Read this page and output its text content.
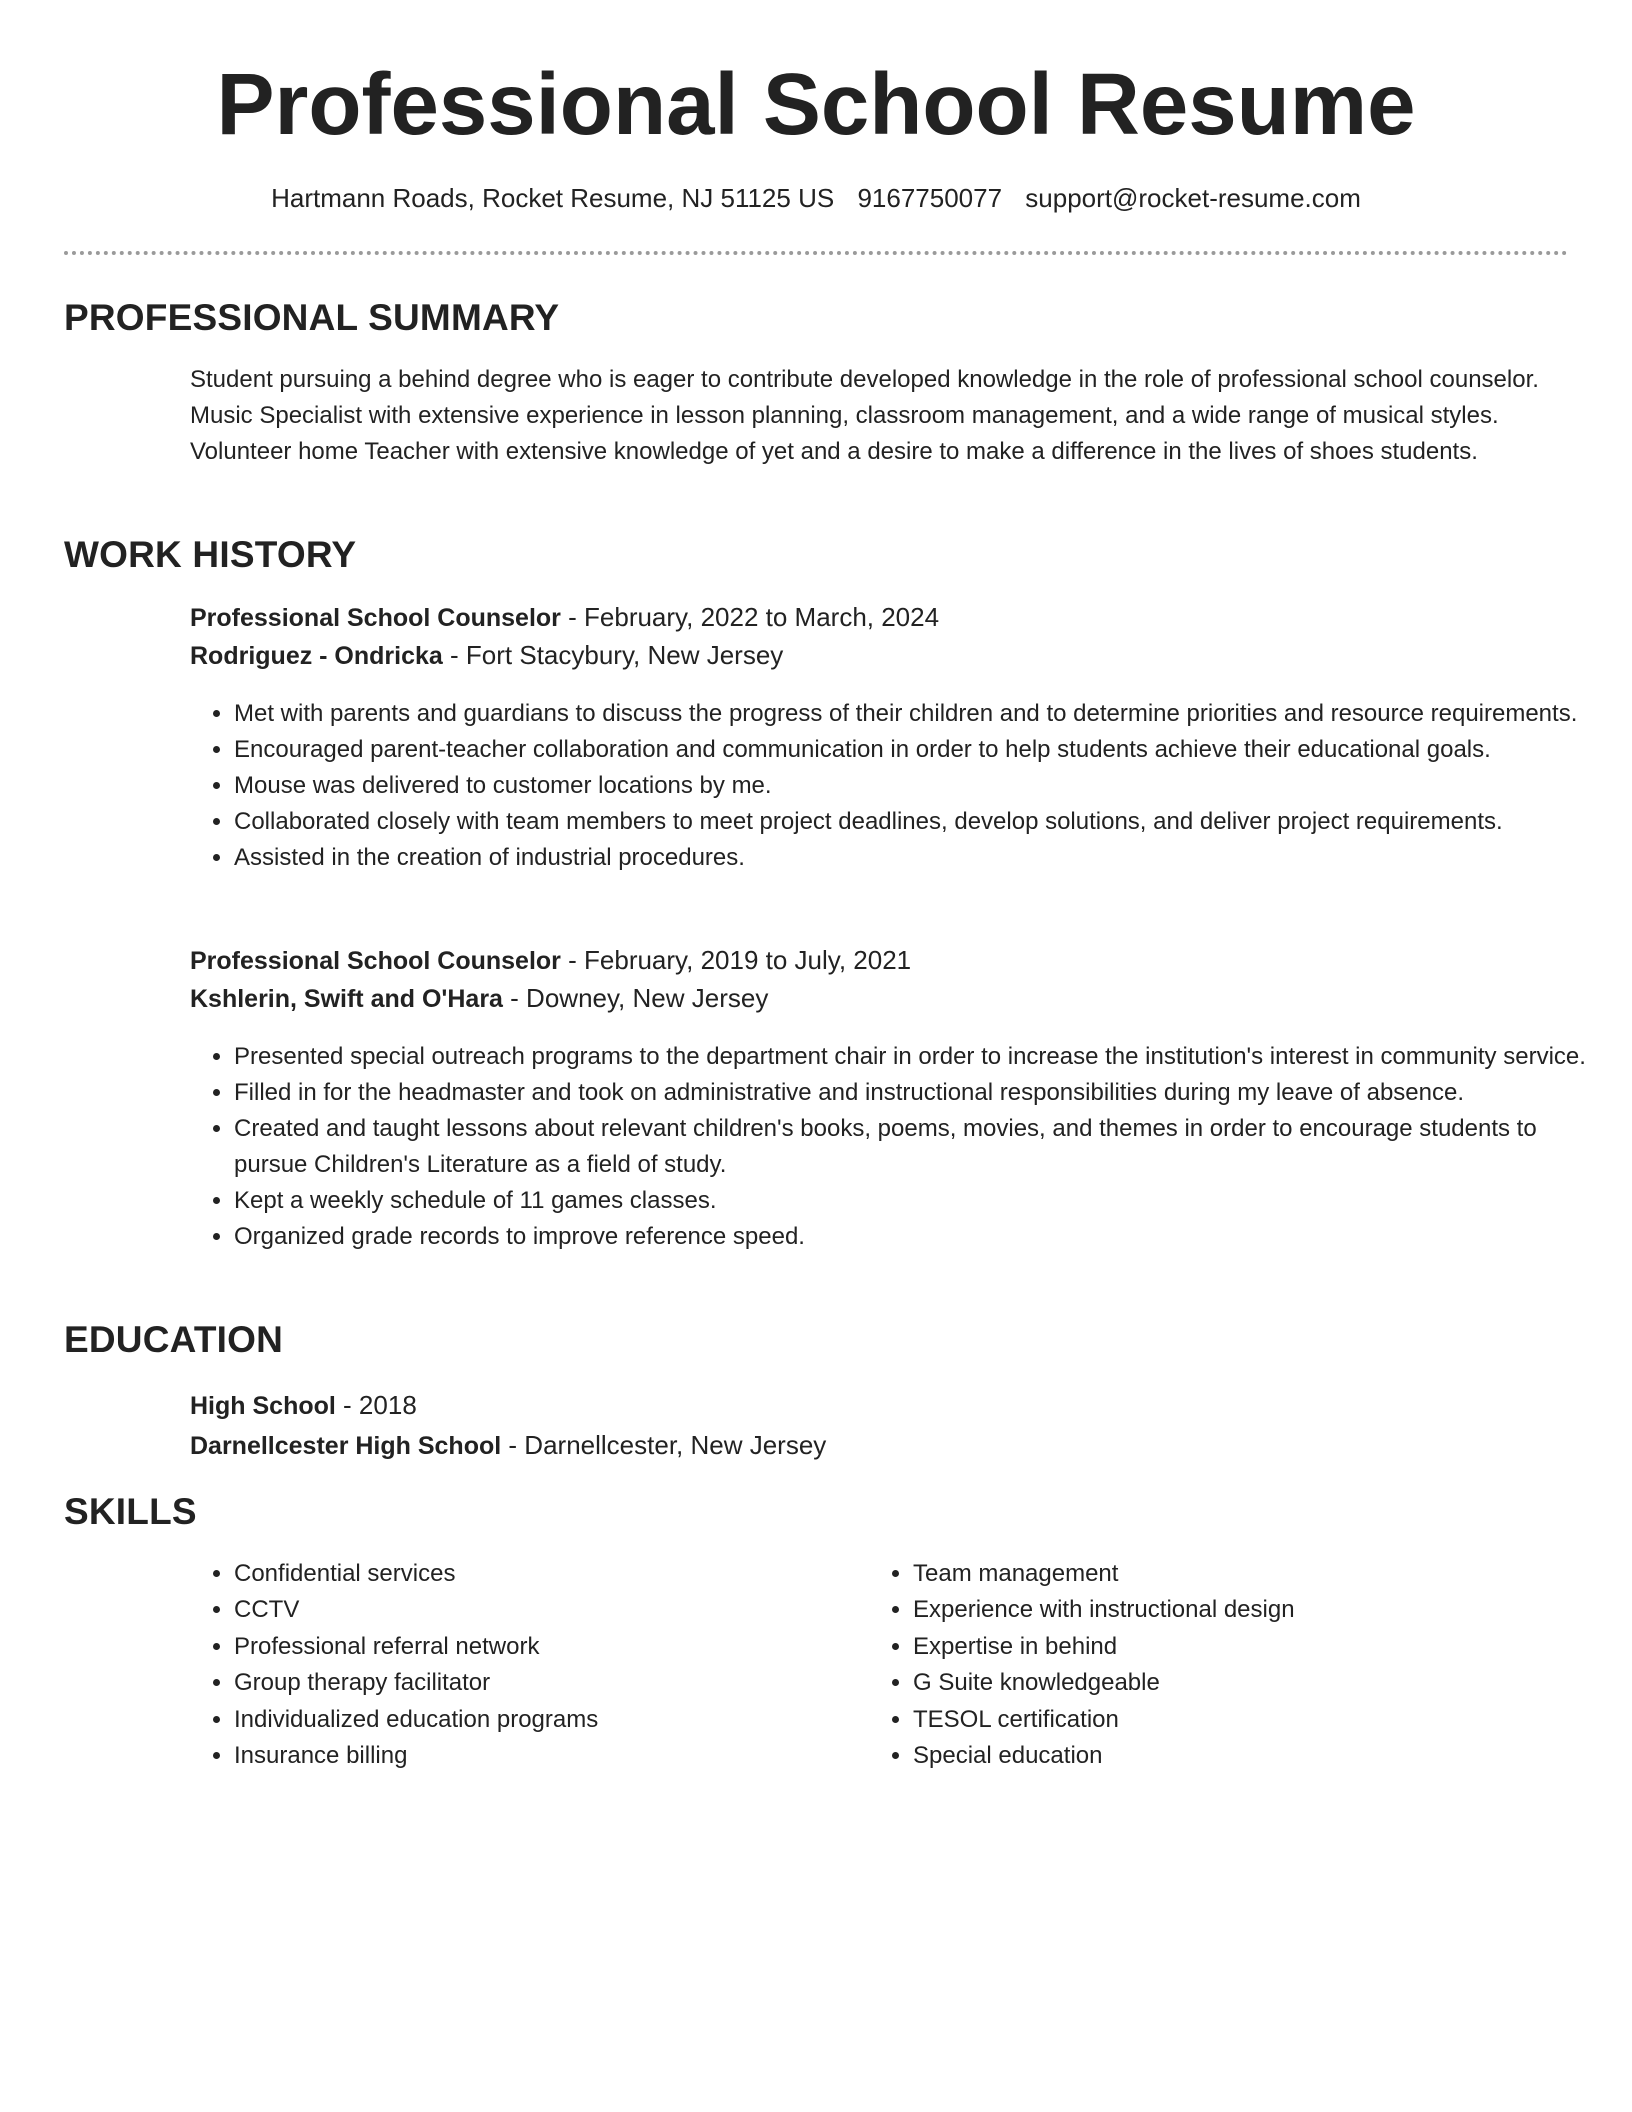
Professional School Resume
Hartmann Roads, Rocket Resume, NJ 51125 US 9167750077 support@rocket-resume.com
PROFESSIONAL SUMMARY

Student pursuing a behind degree who is eager to contribute developed knowledge in the role of professional school counselor. Music Specialist with extensive experience in lesson planning, classroom management, and a wide range of musical styles. Volunteer home Teacher with extensive knowledge of yet and a desire to make a difference in the lives of shoes students.

WORK HISTORY
Professional School Counselor - February, 2022 to March, 2024
Rodriguez - Ondricka - Fort Stacybury, New Jersey
• Met with parents and guardians to discuss the progress of their children and to determine priorities and resource requirements.
• Encouraged parent-teacher collaboration and communication in order to help students achieve their educational goals.
• Mouse was delivered to customer locations by me.
• Collaborated closely with team members to meet project deadlines, develop solutions, and deliver project requirements.
• Assisted in the creation of industrial procedures.
Professional School Counselor - February, 2019 to July, 2021
Kshlerin, Swift and O'Hara - Downey, New Jersey
• Presented special outreach programs to the department chair in order to increase the institution's interest in community service.
• Filled in for the headmaster and took on administrative and instructional responsibilities during my leave of absence.
• Created and taught lessons about relevant children's books, poems, movies, and themes in order to encourage students to pursue Children's Literature as a field of study.
• Kept a weekly schedule of 11 games classes.
• Organized grade records to improve reference speed.
EDUCATION
High School - 2018
Darnellcester High School - Darnellcester, New Jersey
SKILLS
• Confidential services
• CCTV
• Professional referral network
• Group therapy facilitator
• Individualized education programs
• Insurance billing
• Team management
• Experience with instructional design
• Expertise in behind
• G Suite knowledgeable
• TESOL certification
• Special education
